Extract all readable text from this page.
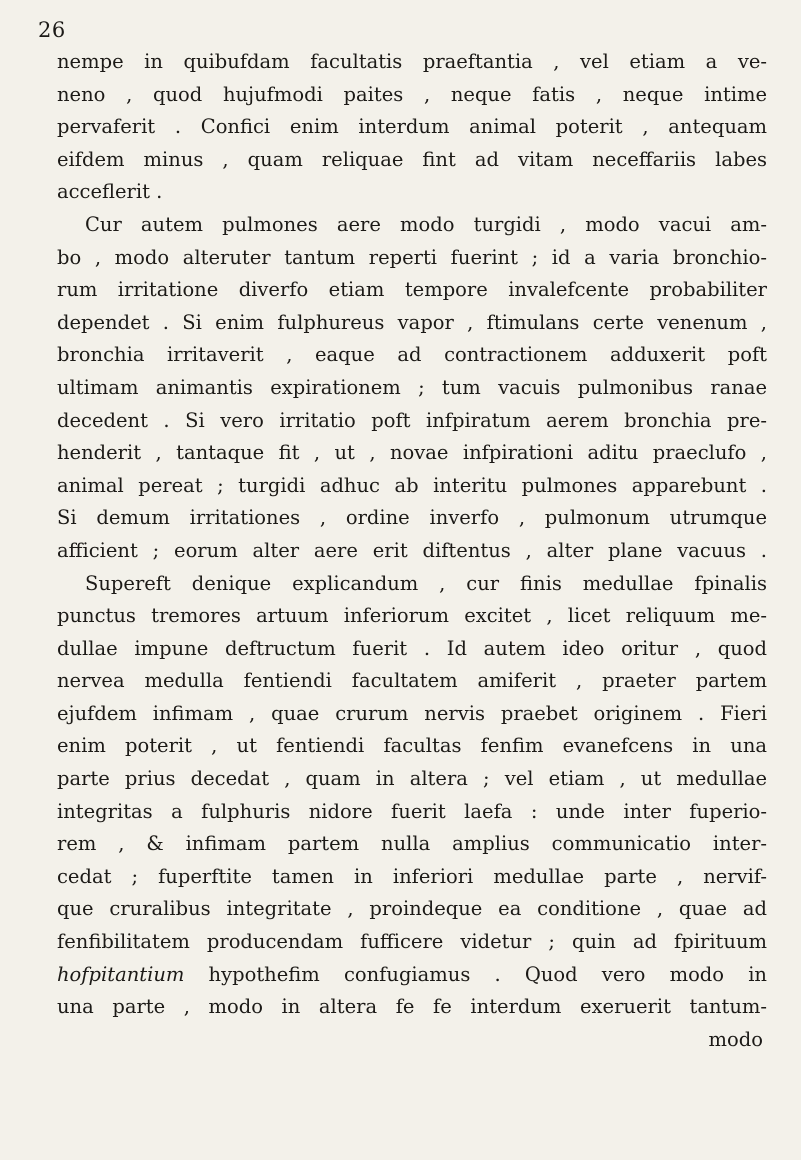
26
nempe in quibufdam facultatis praeftantia , vel etiam a ve-
neno , quod hujufmodi paites , neque fatis , neque intime
pervaferit . Confici enim interdum animal poterit , antequam
eifdem minus , quam reliquae fint ad vitam neceffariis labes
acceflerit .
Cur autem pulmones aere modo turgidi , modo vacui am-
bo , modo alteruter tantum reperti fuerint ; id a varia bronchio-
rum irritatione diverfo etiam tempore invalefcente probabiliter
dependet . Si enim fulphureus vapor , ftimulans certe venenum ,
bronchia irritaverit , eaque ad contractionem adduxerit poft
ultimam animantis expirationem ; tum vacuis pulmonibus ranae
decedent . Si vero irritatio poft infpiratum aerem bronchia pre-
henderit , tantaque fit , ut , novae infpirationi aditu praeclufo ,
animal pereat ; turgidi adhuc ab interitu pulmones apparebunt .
Si demum irritationes , ordine inverfo , pulmonum utrumque
afficient ; eorum alter aere erit diftentus , alter plane vacuus .
Supereft denique explicandum , cur finis medullae fpinalis
punctus tremores artuum inferiorum excitet , licet reliquum me-
dullae impune deftructum fuerit . Id autem ideo oritur , quod
nervea medulla fentiendi facultatem amiferit , praeter partem
ejufdem infimam , quae crurum nervis praebet originem . Fieri
enim poterit , ut fentiendi facultas fenfim evanefcens in una
parte prius decedat , quam in altera ; vel etiam , ut medullae
integritas a fulphuris nidore fuerit laefa : unde inter fuperio-
rem , & infimam partem nulla amplius communicatio inter-
cedat ; fuperftite tamen in inferiori medullae parte , nervif-
que cruralibus integritate , proindeque ea conditione , quae ad
fenfibilitatem producendam fufficere videtur ; quin ad fpirituum
hofpitantium hypothefim confugiamus . Quod vero modo in
una parte , modo in altera fe fe interdum exeruerit tantum-
modo
